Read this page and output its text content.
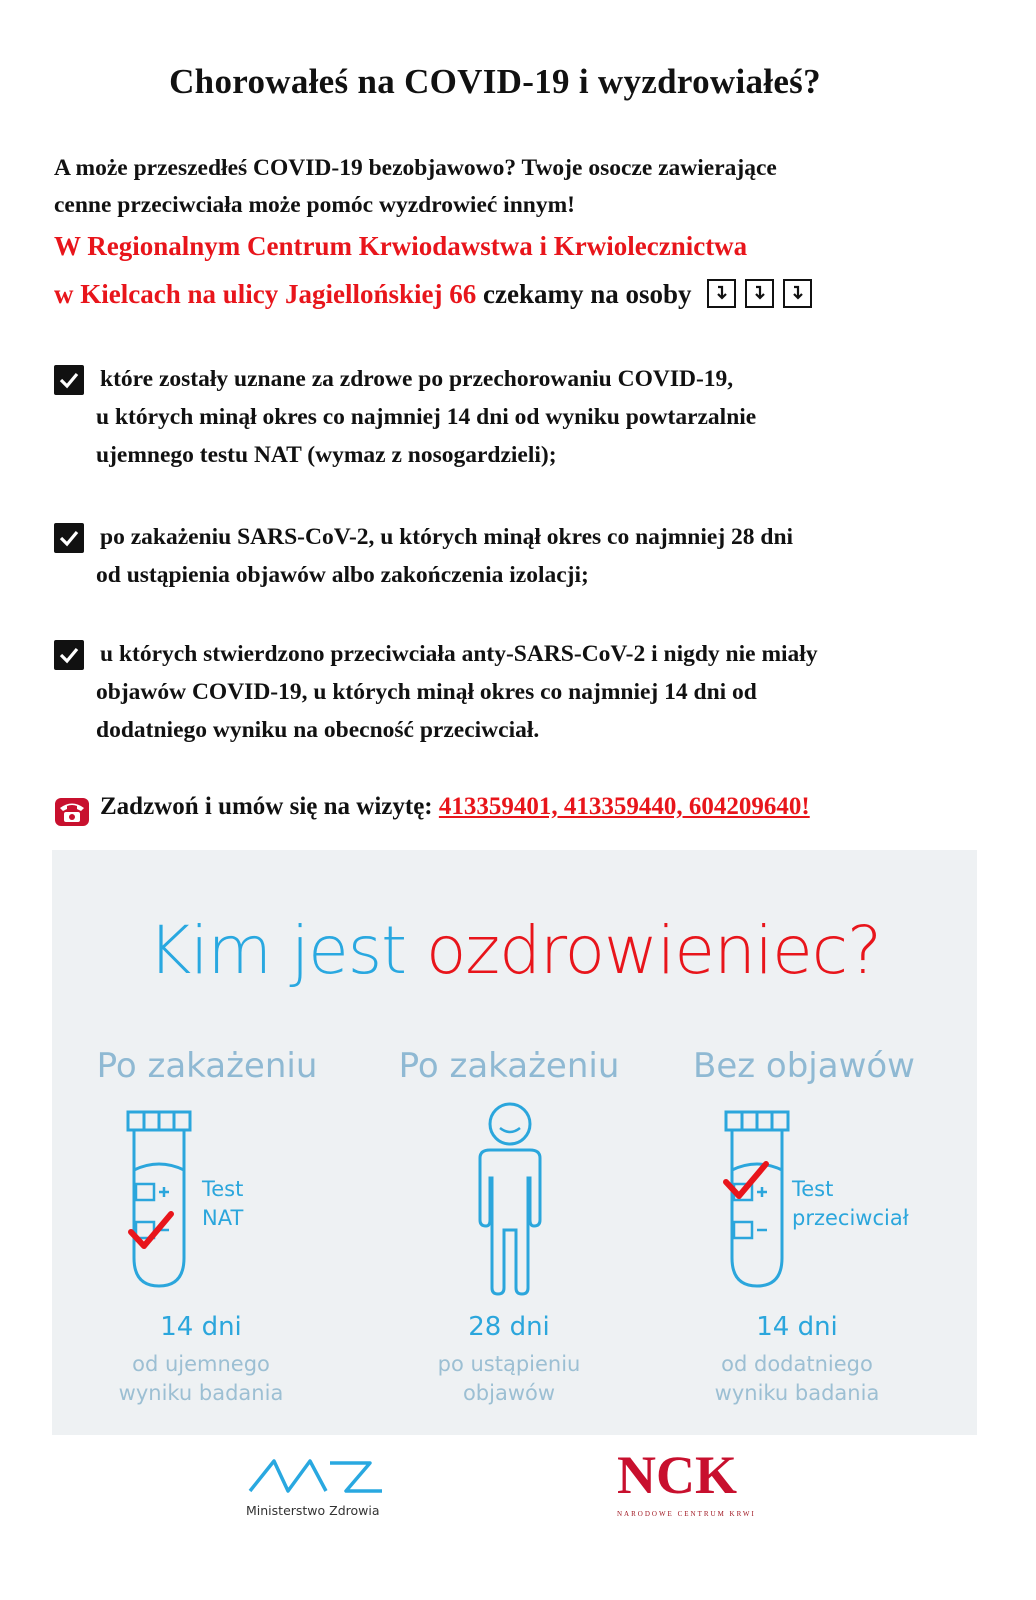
Chorowałeś na COVID-19 i wyzdrowiałeś?
A może przeszedłeś COVID-19 bezobjawowo? Twoje osocze zawierające
cenne przeciwciała może pomóc wyzdrowieć innym!
W Regionalnym Centrum Krwiodawstwa i Krwiolecznictwa
w Kielcach na ulicy Jagiellońskiej 66 czekamy na osoby
które zostały uznane za zdrowe po przechorowaniu COVID-19,
u których minął okres co najmniej 14 dni od wyniku powtarzalnie
ujemnego testu NAT (wymaz z nosogardzieli);
po zakażeniu SARS-CoV-2, u których minął okres co najmniej 28 dni
od ustąpienia objawów albo zakończenia izolacji;
u których stwierdzono przeciwciała anty-SARS-CoV-2 i nigdy nie miały
objawów COVID-19, u których minął okres co najmniej 14 dni od
dodatniego wyniku na obecność przeciwciał.
Zadzwoń i umów się na wizytę: 413359401, 413359440, 604209640!
Kim jest ozdrowieniec?
Po zakażeniu	Po zakażeniu	Bez objawów
Test
NAT
Test
przeciwciał
14 dni	28 dni	14 dni
od ujemnego
wyniku badania
po ustąpieniu
objawów
od dodatniego
wyniku badania
Ministerstwo Zdrowia
NCK
NARODOWE CENTRUM KRWI
